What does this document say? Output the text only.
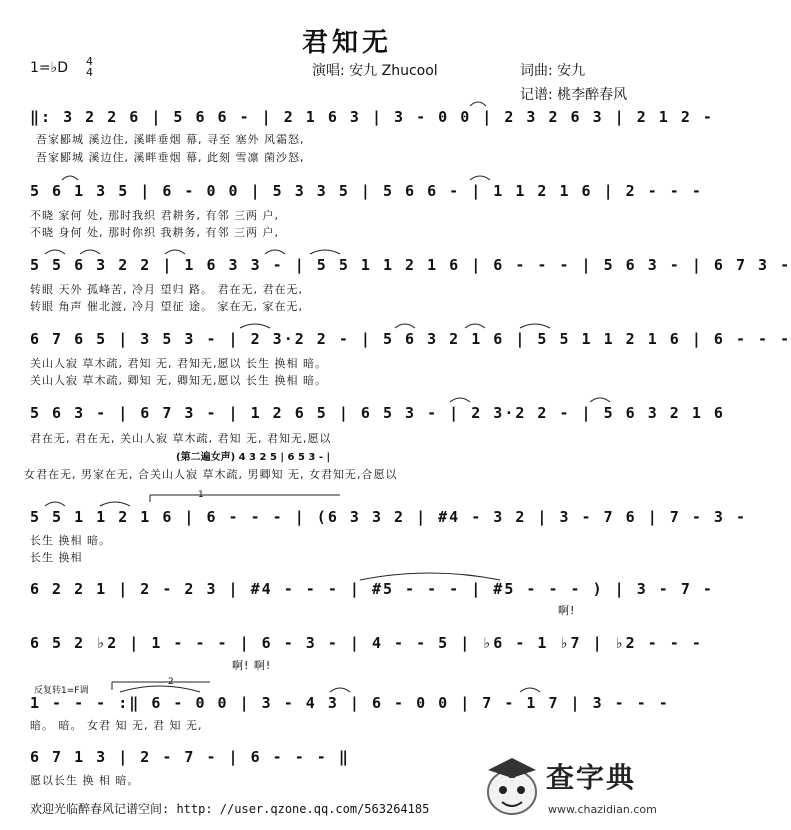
君知无
1=♭D 4
4	演唱: 安九 Zhucool	词曲: 安九
记谱: 桃李醉春风
‖: 3 2 2 6 | 5 6 6 - | 2 1 6 3 | 3 - 0 0 | 2 3 2 6 3 | 2 1 2 -
吾家郾城 溪边住, 溪畔垂烟 幕, 寻至 塞外 风霜怒,
吾家郾城 溪边住, 溪畔垂烟 幕, 此刻 雪凛 菌沙怒,
5 6 1 3 5 | 6 - 0 0 | 5 3 3 5 | 5 6 6 - | 1 1 2 1 6 | 2 - - -
不晓 家何 处, 那时我织 君耕务, 有邻 三两 户,
不晓 身何 处, 那时你织 我耕务, 有邻 三两 户,
5 5 6 3 2 2 | 1 6 3 3 - | 5 5 1 1 2 1 6 | 6 - - - | 5 6 3 - | 6 7 3 -
转眼 天外 孤峰苦, 冷月 望归 路。 君在无, 君在无,
转眼 角声 催北渡, 冷月 望征 途。 家在无, 家在无,
6 7 6 5 | 3 5 3 - | 2 3·2 2 - | 5 6 3 2 1 6 | 5 5 1 1 2 1 6 | 6 - - -
关山人寂 草木疏, 君知 无, 君知无,愿以 长生 换相 暗。
关山人寂 草木疏, 卿知 无, 卿知无,愿以 长生 换相 暗。
5 6 3 - | 6 7 3 - | 1 2 6 5 | 6 5 3 - | 2 3·2 2 - | 5 6 3 2 1 6
君在无, 君在无, 关山人寂 草木疏, 君知 无, 君知无,愿以
(第二遍女声) 4 3 2 5 | 6 5 3 - |
女君在无, 男家在无, 合关山人寂 草木疏, 男卿知 无, 女君知无,合愿以
1
5 5 1 1 2 1 6 | 6 - - - | (6 3 3 2 | #4 - 3 2 | 3 - 7 6 | 7 - 3 -
长生 换相 暗。
长生 换相
6 2 2 1 | 2 - 2 3 | #4 - - - | #5 - - - | #5 - - - ) | 3 - 7 -
啊!
6 5 2 ♭2 | 1 - - - | 6 - 3 - | 4 - - 5 | ♭6 - 1 ♭7 | ♭2 - - -
啊! 啊!
反复转1=F调
2
1 - - - :‖ 6 - 0 0 | 3 - 4 3 | 6 - 0 0 | 7 - 1 7 | 3 - - -
暗。 暗。 女君 知 无, 君 知 无,
6 7 1 3 | 2 - 7 - | 6 - - - ‖
愿以长生 换 相 暗。
欢迎光临醉春风记谱空间: http: //user.qzone.qq.com/563264185
查字典
www.chazidian.com
